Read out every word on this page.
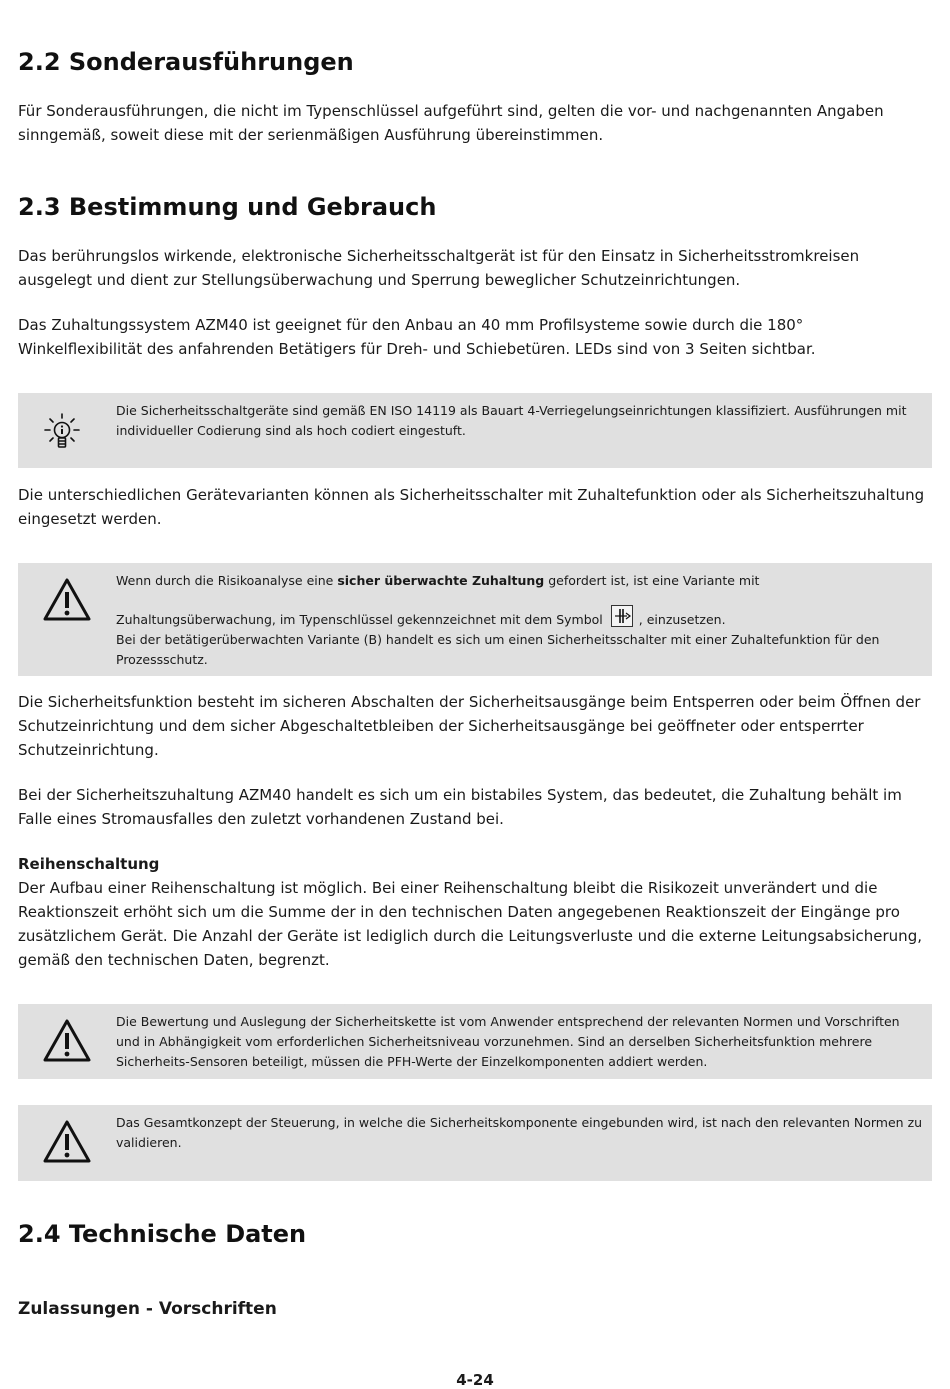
2.2 Sonderausführungen

Für Sonderausführungen, die nicht im Typenschlüssel aufgeführt sind, gelten die vor- und nachgenannten Angaben sinngemäß, soweit diese mit der serienmäßigen Ausführung übereinstimmen.

2.3 Bestimmung und Gebrauch

Das berührungslos wirkende, elektronische Sicherheitsschaltgerät ist für den Einsatz in Sicherheitsstromkreisen ausgelegt und dient zur Stellungsüberwachung und Sperrung beweglicher Schutzeinrichtungen.

Das Zuhaltungssystem AZM40 ist geeignet für den Anbau an 40 mm Profilsysteme sowie durch die 180° Winkelflexibilität des anfahrenden Betätigers für Dreh- und Schiebetüren. LEDs sind von 3 Seiten sichtbar.

Die Sicherheitsschaltgeräte sind gemäß EN ISO 14119 als Bauart 4-Verriegelungseinrichtungen klassifiziert. Ausführungen mit individueller Codierung sind als hoch codiert eingestuft.

Die unterschiedlichen Gerätevarianten können als Sicherheitsschalter mit Zuhaltefunktion oder als Sicherheitszuhaltung eingesetzt werden.

Wenn durch die Risikoanalyse eine sicher überwachte Zuhaltung gefordert ist, ist eine Variante mit
Zuhaltungsüberwachung, im Typenschlüssel gekennzeichnet mit dem Symbol	, einzusetzen.
Bei der betätigerüberwachten Variante (B) handelt es sich um einen Sicherheitsschalter mit einer Zuhaltefunktion für den Prozessschutz.

Die Sicherheitsfunktion besteht im sicheren Abschalten der Sicherheitsausgänge beim Entsperren oder beim Öffnen der Schutzeinrichtung und dem sicher Abgeschaltetbleiben der Sicherheitsausgänge bei geöffneter oder entsperrter Schutzeinrichtung.

Bei der Sicherheitszuhaltung AZM40 handelt es sich um ein bistabiles System, das bedeutet, die Zuhaltung behält im Falle eines Stromausfalles den zuletzt vorhandenen Zustand bei.

Reihenschaltung

Der Aufbau einer Reihenschaltung ist möglich. Bei einer Reihenschaltung bleibt die Risikozeit unverändert und die Reaktionszeit erhöht sich um die Summe der in den technischen Daten angegebenen Reaktionszeit der Eingänge pro zusätzlichem Gerät. Die Anzahl der Geräte ist lediglich durch die Leitungsverluste und die externe Leitungsabsicherung, gemäß den technischen Daten, begrenzt.

Die Bewertung und Auslegung der Sicherheitskette ist vom Anwender entsprechend der relevanten Normen und Vorschriften und in Abhängigkeit vom erforderlichen Sicherheitsniveau vorzunehmen. Sind an derselben Sicherheitsfunktion mehrere Sicherheits-Sensoren beteiligt, müssen die PFH-Werte der Einzelkomponenten addiert werden.
Das Gesamtkonzept der Steuerung, in welche die Sicherheitskomponente eingebunden wird, ist nach den relevanten Normen zu validieren.
2.4 Technische Daten
Zulassungen - Vorschriften
4-24
